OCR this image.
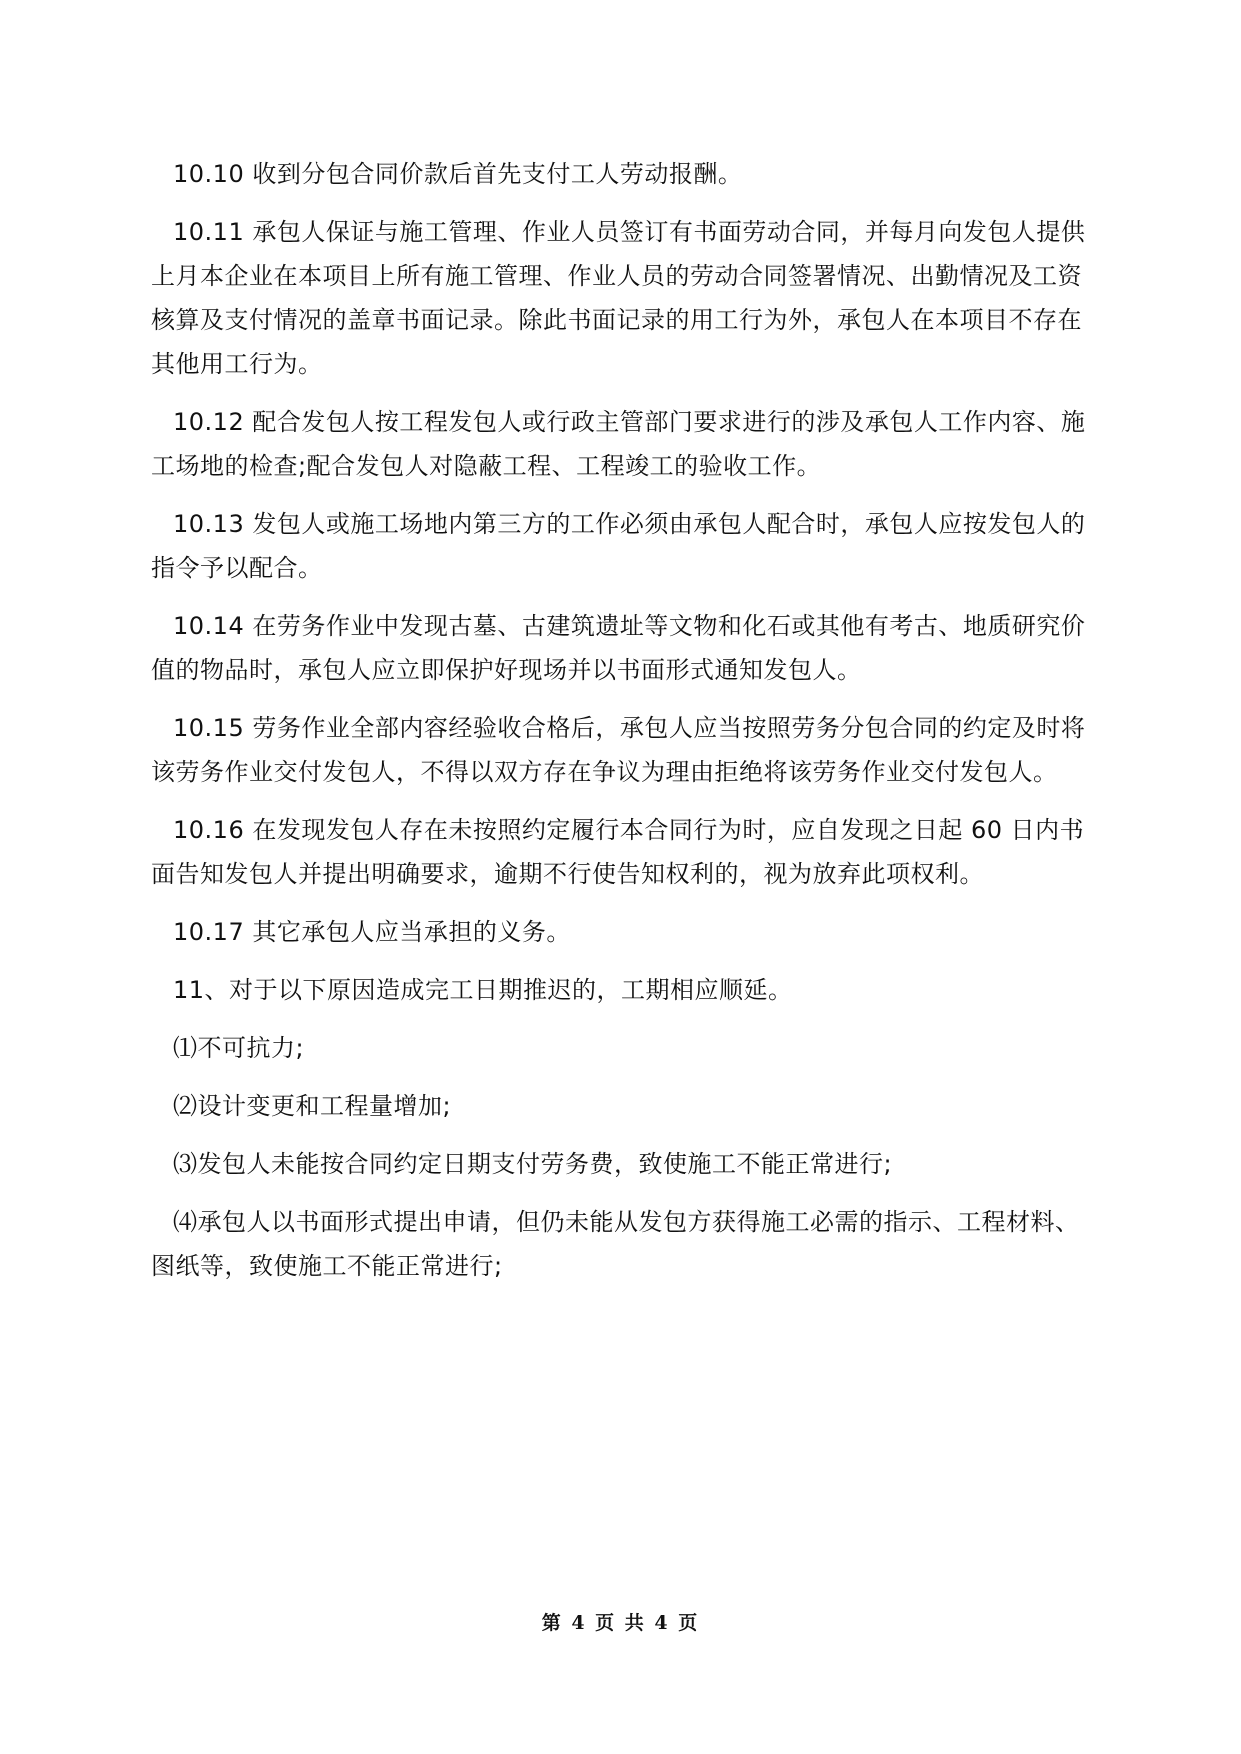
10.10 收到分包合同价款后首先支付工人劳动报酬。

10.11 承包人保证与施工管理、作业人员签订有书面劳动合同，并每月向发包人提供上月本企业在本项目上所有施工管理、作业人员的劳动合同签署情况、出勤情况及工资核算及支付情况的盖章书面记录。除此书面记录的用工行为外，承包人在本项目不存在其他用工行为。

10.12 配合发包人按工程发包人或行政主管部门要求进行的涉及承包人工作内容、施工场地的检查;配合发包人对隐蔽工程、工程竣工的验收工作。

10.13 发包人或施工场地内第三方的工作必须由承包人配合时，承包人应按发包人的指令予以配合。

10.14 在劳务作业中发现古墓、古建筑遗址等文物和化石或其他有考古、地质研究价值的物品时，承包人应立即保护好现场并以书面形式通知发包人。

10.15 劳务作业全部内容经验收合格后，承包人应当按照劳务分包合同的约定及时将该劳务作业交付发包人，不得以双方存在争议为理由拒绝将该劳务作业交付发包人。

10.16 在发现发包人存在未按照约定履行本合同行为时，应自发现之日起 60 日内书面告知发包人并提出明确要求，逾期不行使告知权利的，视为放弃此项权利。

10.17 其它承包人应当承担的义务。

11、对于以下原因造成完工日期推迟的，工期相应顺延。

⑴不可抗力;

⑵设计变更和工程量增加;

⑶发包人未能按合同约定日期支付劳务费，致使施工不能正常进行;

⑷承包人以书面形式提出申请，但仍未能从发包方获得施工必需的指示、工程材料、图纸等，致使施工不能正常进行;

第 4 页 共 4 页
